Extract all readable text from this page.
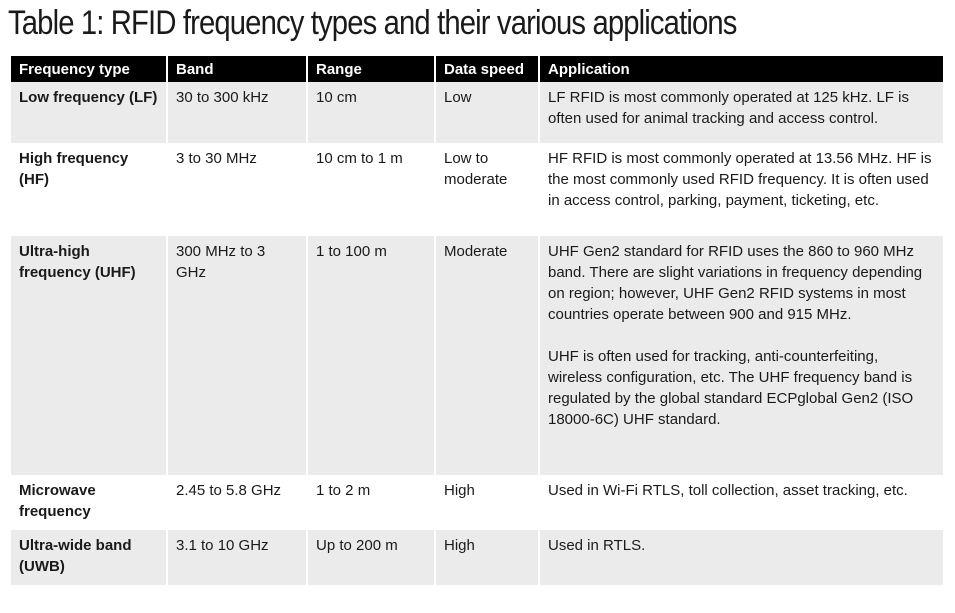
Table 1: RFID frequency types and their various applications
Frequency type	Band	Range	Data speed	Application
Low frequency (LF)	30 to 300 kHz	10 cm	Low	LF RFID is most commonly operated at 125 kHz. LF is often used for animal tracking and access control.
High frequency (HF)	3 to 30 MHz	10 cm to 1 m	Low to moderate	HF RFID is most commonly operated at 13.56 MHz. HF is the most commonly used RFID frequency. It is often used in access control, parking, payment, ticketing, etc.
Ultra-high frequency (UHF)	300 MHz to 3 GHz	1 to 100 m	Moderate	UHF Gen2 standard for RFID uses the 860 to 960 MHz band. There are slight variations in frequency depending on region; however, UHF Gen2 RFID systems in most countries operate between 900 and 915 MHz.
UHF is often used for tracking, anti-counterfeiting, wireless configuration, etc. The UHF frequency band is regulated by the global standard ECPglobal Gen2 (ISO 18000-6C) UHF standard.

Microwave frequency	2.45 to 5.8 GHz	1 to 2 m	High	Used in Wi-Fi RTLS, toll collection, asset tracking, etc.
Ultra-wide band (UWB)	3.1 to 10 GHz	Up to 200 m	High	Used in RTLS.
